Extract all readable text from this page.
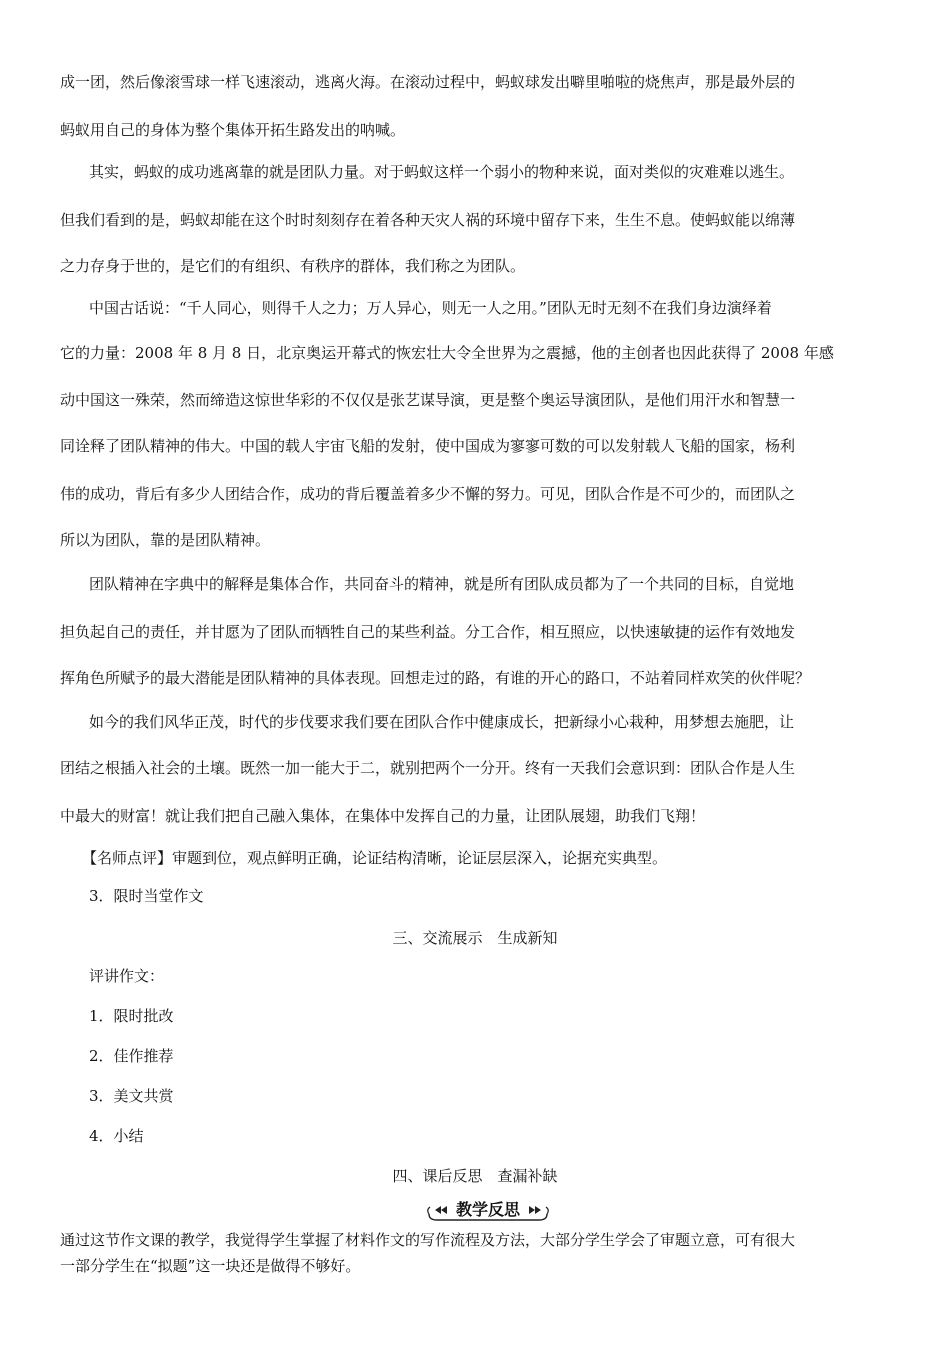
成一团，然后像滚雪球一样飞速滚动，逃离火海。在滚动过程中，蚂蚁球发出噼里啪啦的烧焦声，那是最外层的
蚂蚁用自己的身体为整个集体开拓生路发出的呐喊。
其实，蚂蚁的成功逃离靠的就是团队力量。对于蚂蚁这样一个弱小的物种来说，面对类似的灾难难以逃生。
但我们看到的是，蚂蚁却能在这个时时刻刻存在着各种天灾人祸的环境中留存下来，生生不息。使蚂蚁能以绵薄
之力存身于世的，是它们的有组织、有秩序的群体，我们称之为团队。
中国古话说：“千人同心，则得千人之力；万人异心，则无一人之用。”团队无时无刻不在我们身边演绎着
它的力量：2008 年 8 月 8 日，北京奥运开幕式的恢宏壮大令全世界为之震撼，他的主创者也因此获得了 2008 年感
动中国这一殊荣，然而缔造这惊世华彩的不仅仅是张艺谋导演，更是整个奥运导演团队，是他们用汗水和智慧一
同诠释了团队精神的伟大。中国的载人宇宙飞船的发射，使中国成为寥寥可数的可以发射载人飞船的国家，杨利
伟的成功，背后有多少人团结合作，成功的背后覆盖着多少不懈的努力。可见，团队合作是不可少的，而团队之
所以为团队，靠的是团队精神。
团队精神在字典中的解释是集体合作，共同奋斗的精神，就是所有团队成员都为了一个共同的目标，自觉地
担负起自己的责任，并甘愿为了团队而牺牲自己的某些利益。分工合作，相互照应，以快速敏捷的运作有效地发
挥角色所赋予的最大潜能是团队精神的具体表现。回想走过的路，有谁的开心的路口，不站着同样欢笑的伙伴呢？
如今的我们风华正茂，时代的步伐要求我们要在团队合作中健康成长，把新绿小心栽种，用梦想去施肥，让
团结之根插入社会的土壤。既然一加一能大于二，就别把两个一分开。终有一天我们会意识到：团队合作是人生
中最大的财富！就让我们把自己融入集体，在集体中发挥自己的力量，让团队展翅，助我们飞翔！
【名师点评】审题到位，观点鲜明正确，论证结构清晰，论证层层深入，论据充实典型。
3．限时当堂作文
三、交流展示　生成新知
评讲作文：
1．限时批改
2．佳作推荐
3．美文共赏
4．小结
四、课后反思　查漏补缺
教学反思
通过这节作文课的教学，我觉得学生掌握了材料作文的写作流程及方法，大部分学生学会了审题立意，可有很大
一部分学生在“拟题”这一块还是做得不够好。
